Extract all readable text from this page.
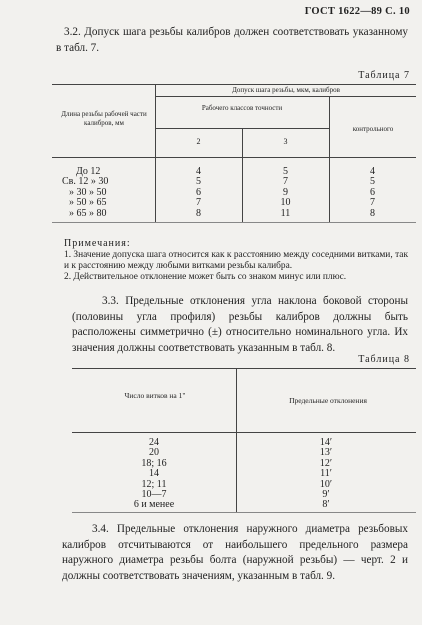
ГОСТ 1622—89 С. 10
3.2. Допуск шага резьбы калибров должен соответствовать указанному в табл. 7.
Таблица 7
Длина резьбы рабочей части калибров, мм
Допуск шага резьбы, мкм, калибров
Рабочего классов точности
контрольного
2	3
До 12
Св. 12 » 30
» 30 » 50
» 50 » 65
» 65 » 80
4
5
6
7
8
5
7
9
10
11
4
5
6
7
8
Примечания:
1. Значение допуска шага относится как к расстоянию между соседними витками, так и к расстоянию между любыми витками резьбы калибра.
2. Действительное отклонение может быть со знаком минус или плюс.
3.3. Предельные отклонения угла наклона боковой стороны (половины угла профиля) резьбы калибров должны быть расположены симметрично (±) относительно номинального угла. Их значения должны соответствовать указанным в табл. 8.
Таблица 8
Число витков на 1"
Предельные отклонения
24
20
18; 16
14
12; 11
10—7
6 и менее
14′
13′
12′
11′
10′
9′
8′
3.4. Предельные отклонения наружного диаметра резьбовых калибров отсчитываются от наибольшего предельного размера наружного диаметра резьбы болта (наружной резьбы) — черт. 2 и должны соответствовать значениям, указанным в табл. 9.
